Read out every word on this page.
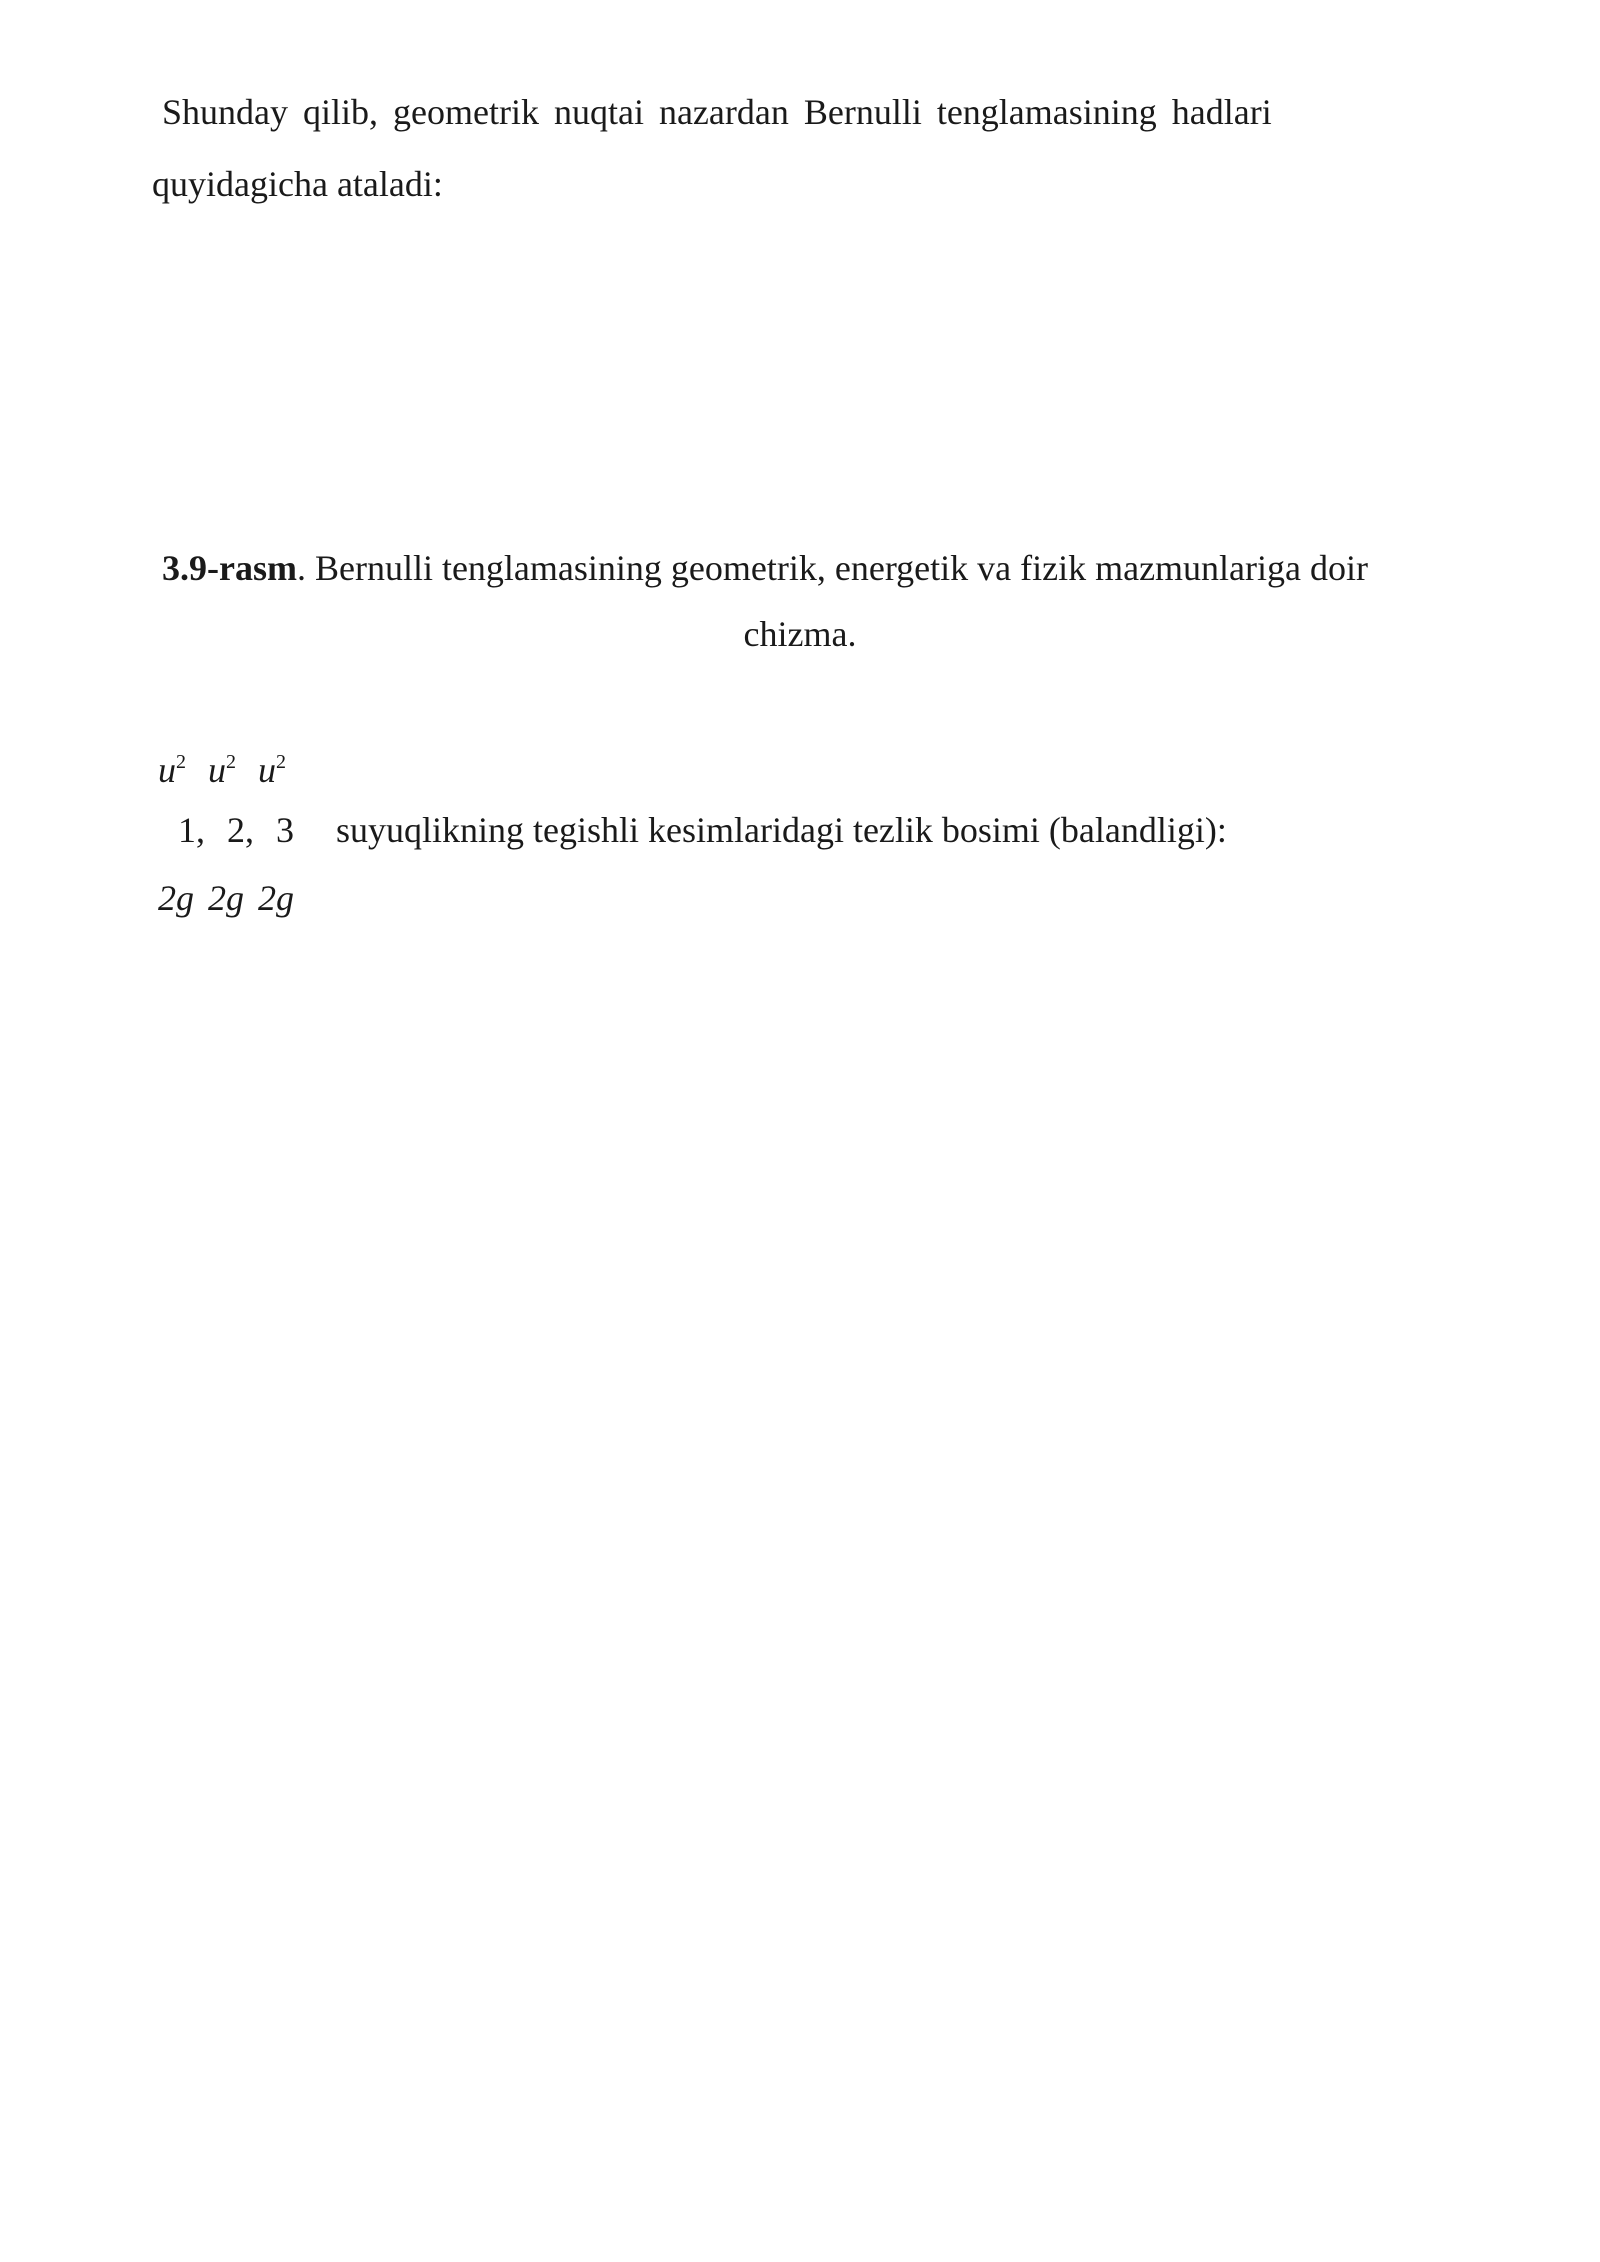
Shunday qilib, geometrik nuqtai nazardan Bernulli tenglamasining hadlari
quyidagicha ataladi:
3.9-rasm. Bernulli tenglamasining geometrik, energetik va fizik mazmunlariga doir
chizma.
$u^2$ $u^2$ $u^2$
1, 2, 3
2g 2g 2g
suyuqlikning tegishli kesimlaridagi tezlik bosimi (balandligi):
